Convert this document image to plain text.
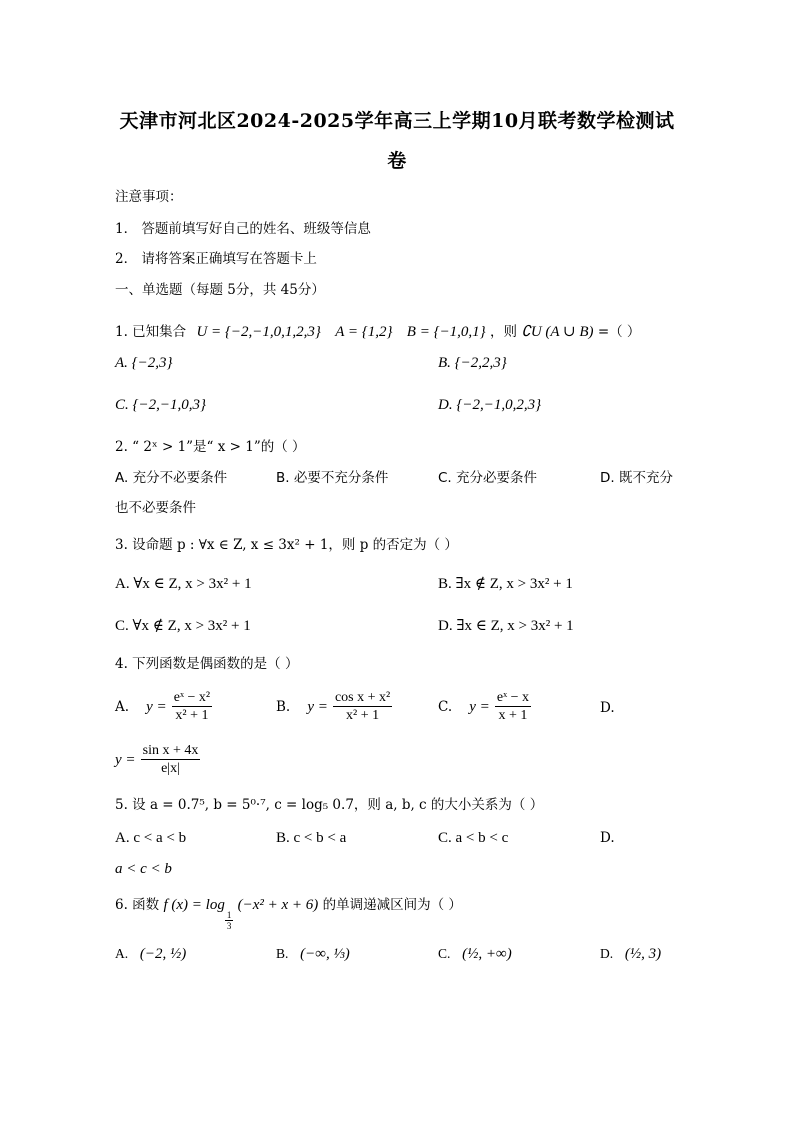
天津市河北区2024-2025学年高三上学期10月联考数学检测试
卷
注意事项：
1． 答题前填写好自己的姓名、班级等信息
2． 请将答案正确填写在答题卡上
一、单选题（每题 5分，共 45分）
1. 已知集合 U = {−2,−1,0,1,2,3} A = {1,2} B = {−1,0,1} ，则 ∁U (A ∪ B) =（ ）
A. {−2,3}	B. {−2,2,3}
C. {−2,−1,0,3}	D. {−2,−1,0,2,3}
2. “ 2ˣ > 1”是“ x > 1”的（ ）
A. 充分不必要条件	B. 必要不充分条件	C. 充分必要条件	D. 既不充分
也不必要条件
3. 设命题 p : ∀x ∈ Z, x ≤ 3x² + 1，则 p 的否定为（ ）
A. ∀x ∈ Z, x > 3x² + 1	B. ∃x ∉ Z, x > 3x² + 1
C. ∀x ∉ Z, x > 3x² + 1	D. ∃x ∈ Z, x > 3x² + 1
4. 下列函数是偶函数的是（ ）
A. $y = \frac{\text{eˣ − x²}}{\text{x² + 1}}$	B. $y = \frac{\text{cos x + x²}}{\text{x² + 1}}$	C. $y = \frac{\text{eˣ − x}}{x + 1}$	D.
$y = \frac{\text{sin x + 4x}}{e|x|}$
5. 设 a = 0.7⁵, b = 5⁰·⁷, c = log₅ 0.7，则 a, b, c 的大小关系为（ ）
A. c < a < b	B. c < b < a	C. a < b < c	D.
a < c < b
6. 函数 f (x) = log
$\frac{1}{3}$
(−x² + x + 6) 的单调递减区间为（ ）
A. (−2, ½)	B. (−∞, ⅓)	C. (½, +∞)	D. (½, 3)
